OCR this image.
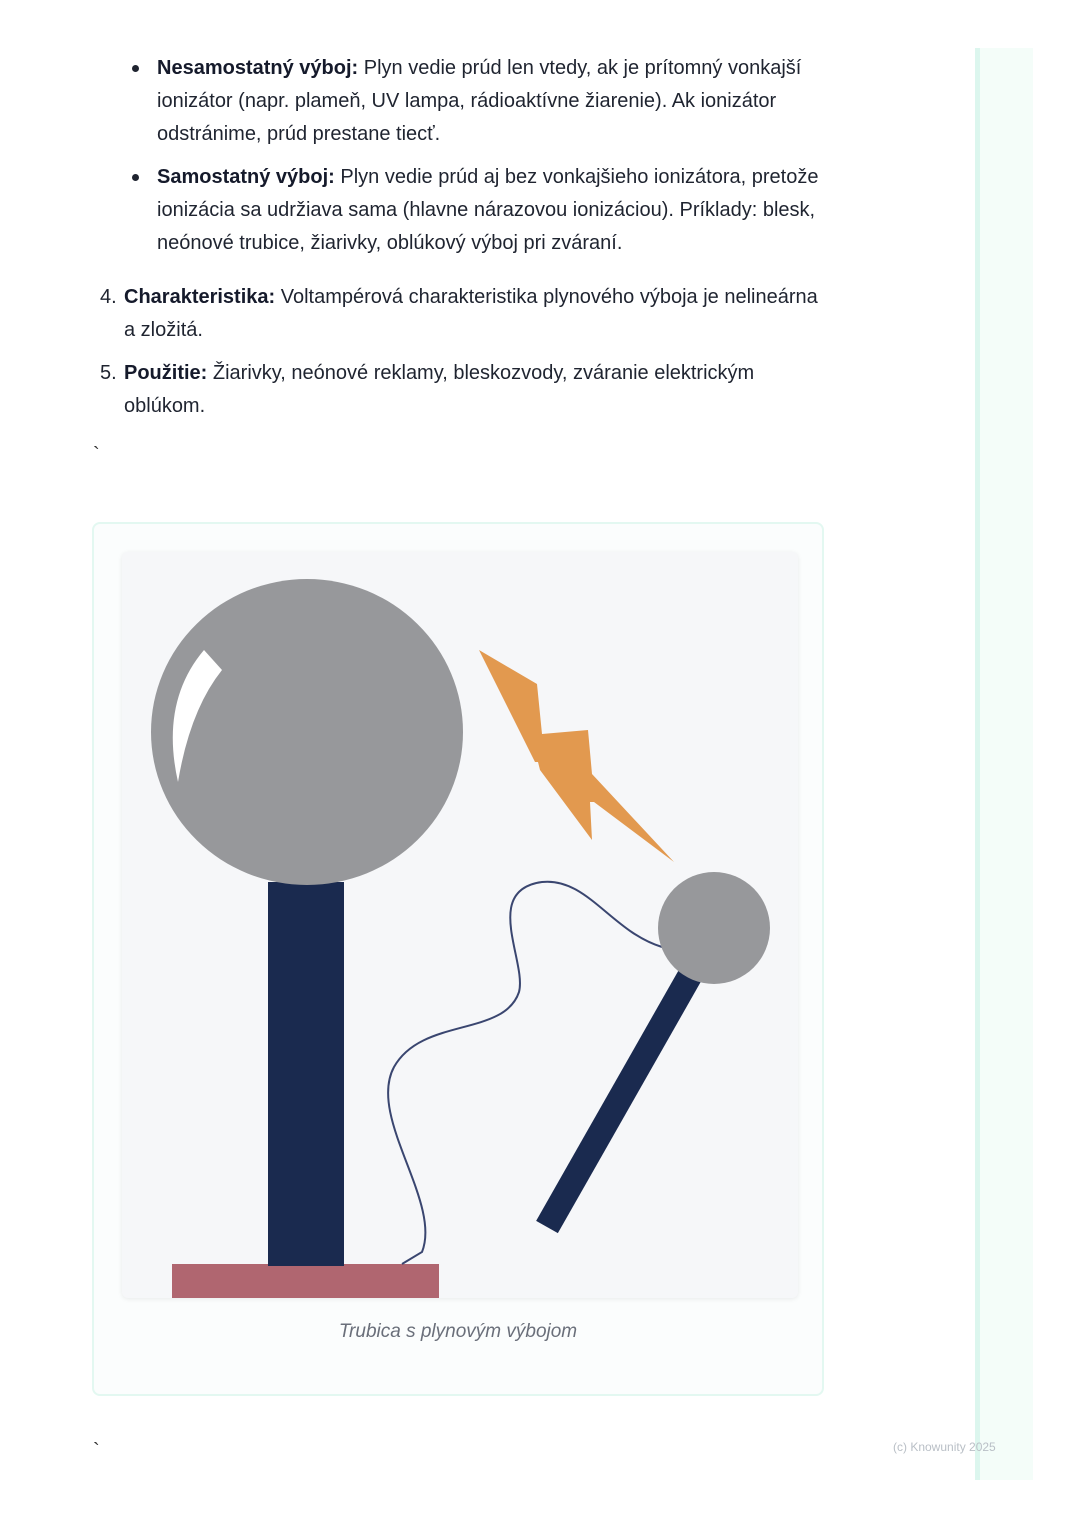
Nesamostatný výboj: Plyn vedie prúd len vtedy, ak je prítomný vonkajší ionizátor (napr. plameň, UV lampa, rádioaktívne žiarenie). Ak ionizátor odstránime, prúd prestane tiecť.
Samostatný výboj: Plyn vedie prúd aj bez vonkajšieho ionizátora, pretože ionizácia sa udržiava sama (hlavne nárazovou ionizáciou). Príklady: blesk, neónové trubice, žiarivky, oblúkový výboj pri zváraní.
4. Charakteristika: Voltampérová charakteristika plynového výboja je nelineárna a zložitá.
5. Použitie: Žiarivky, neónové reklamy, bleskozvody, zváranie elektrickým oblúkom.
`
Trubica s plynovým výbojom
`	(c) Knowunity 2025
